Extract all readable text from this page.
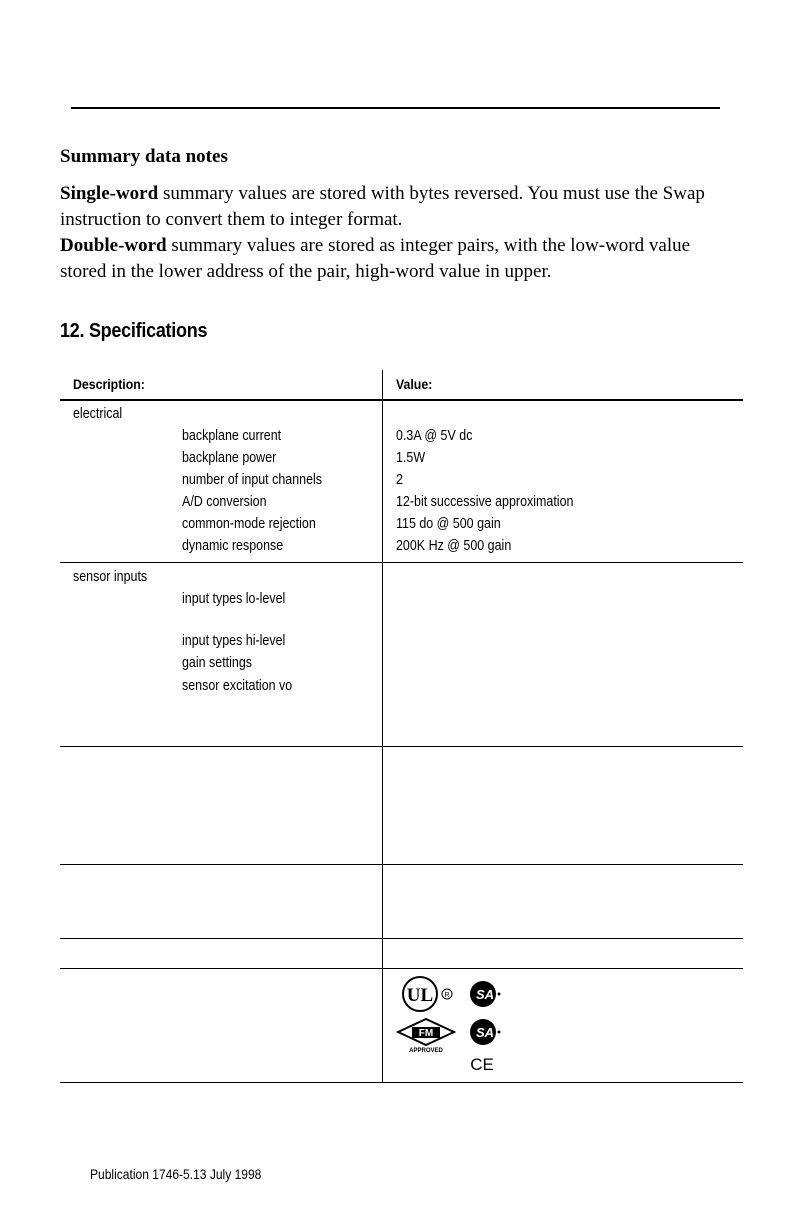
Summary data notes
Single-word summary values are stored with bytes reversed. You must use the Swap instruction to convert them to integer format.
Double-word summary values are stored as integer pairs, with the low-word value stored in the lower address of the pair, high-word value in upper.
12. Specifications
Description:	Value:
electrical
backplane current	0.3A @ 5V dc
backplane power	1.5W
number of input channels	2
A/D conversion	12-bit successive approximation
common-mode rejection	115 do @ 500 gain
dynamic response	200K Hz @ 500 gain
sensor inputs
input types lo-level
input types hi-level
gain settings
sensor excitation vo
UL R SA
FM
APPROVED
SA
CE
Publication 1746-5.13 July 1998
